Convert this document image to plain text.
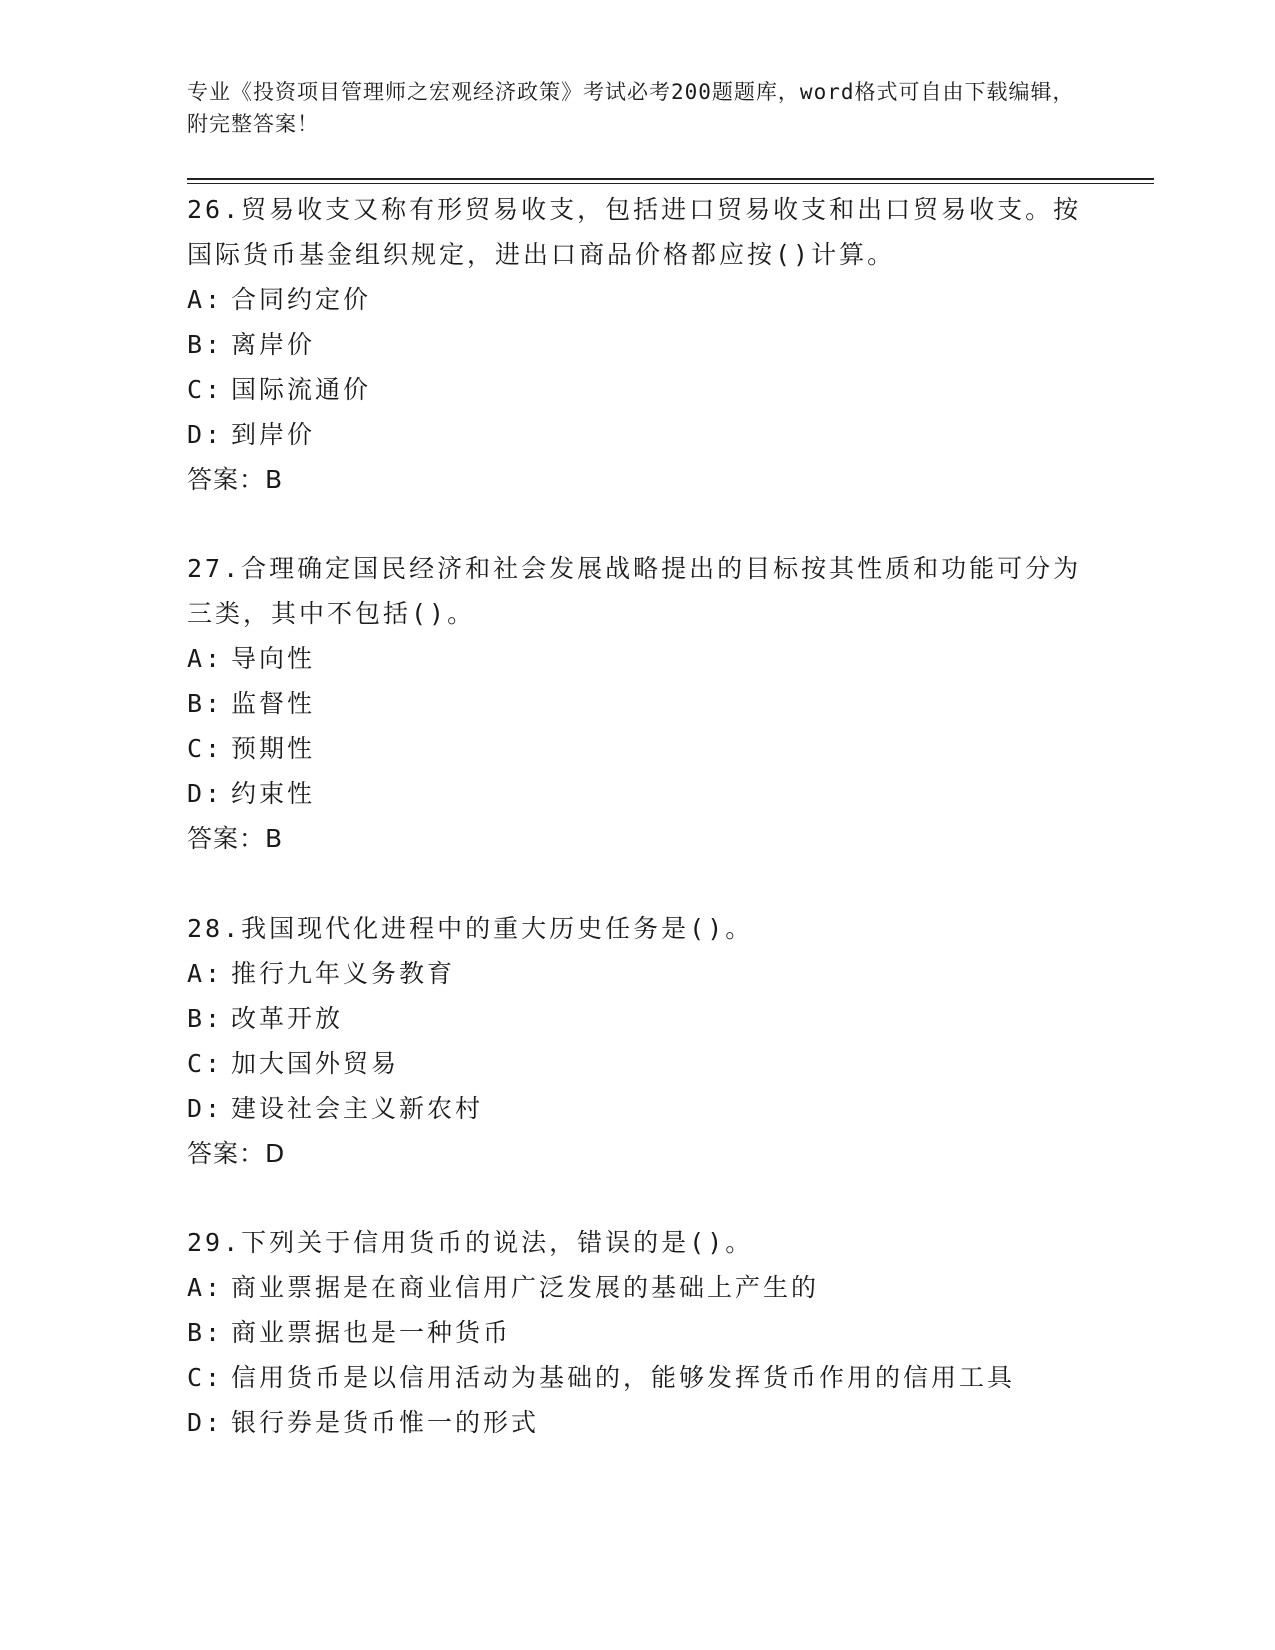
专业《投资项目管理师之宏观经济政策》考试必考200题题库，word格式可自由下载编辑，附完整答案！
26.贸易收支又称有形贸易收支，包括进口贸易收支和出口贸易收支。按国际货币基金组织规定，进出口商品价格都应按()计算。
A: 合同约定价
B: 离岸价
C: 国际流通价
D: 到岸价
答案：B
27.合理确定国民经济和社会发展战略提出的目标按其性质和功能可分为三类，其中不包括()。
A: 导向性
B: 监督性
C: 预期性
D: 约束性
答案：B
28.我国现代化进程中的重大历史任务是()。
A: 推行九年义务教育
B: 改革开放
C: 加大国外贸易
D: 建设社会主义新农村
答案：D
29.下列关于信用货币的说法，错误的是()。
A: 商业票据是在商业信用广泛发展的基础上产生的
B: 商业票据也是一种货币
C: 信用货币是以信用活动为基础的，能够发挥货币作用的信用工具
D: 银行券是货币惟一的形式
